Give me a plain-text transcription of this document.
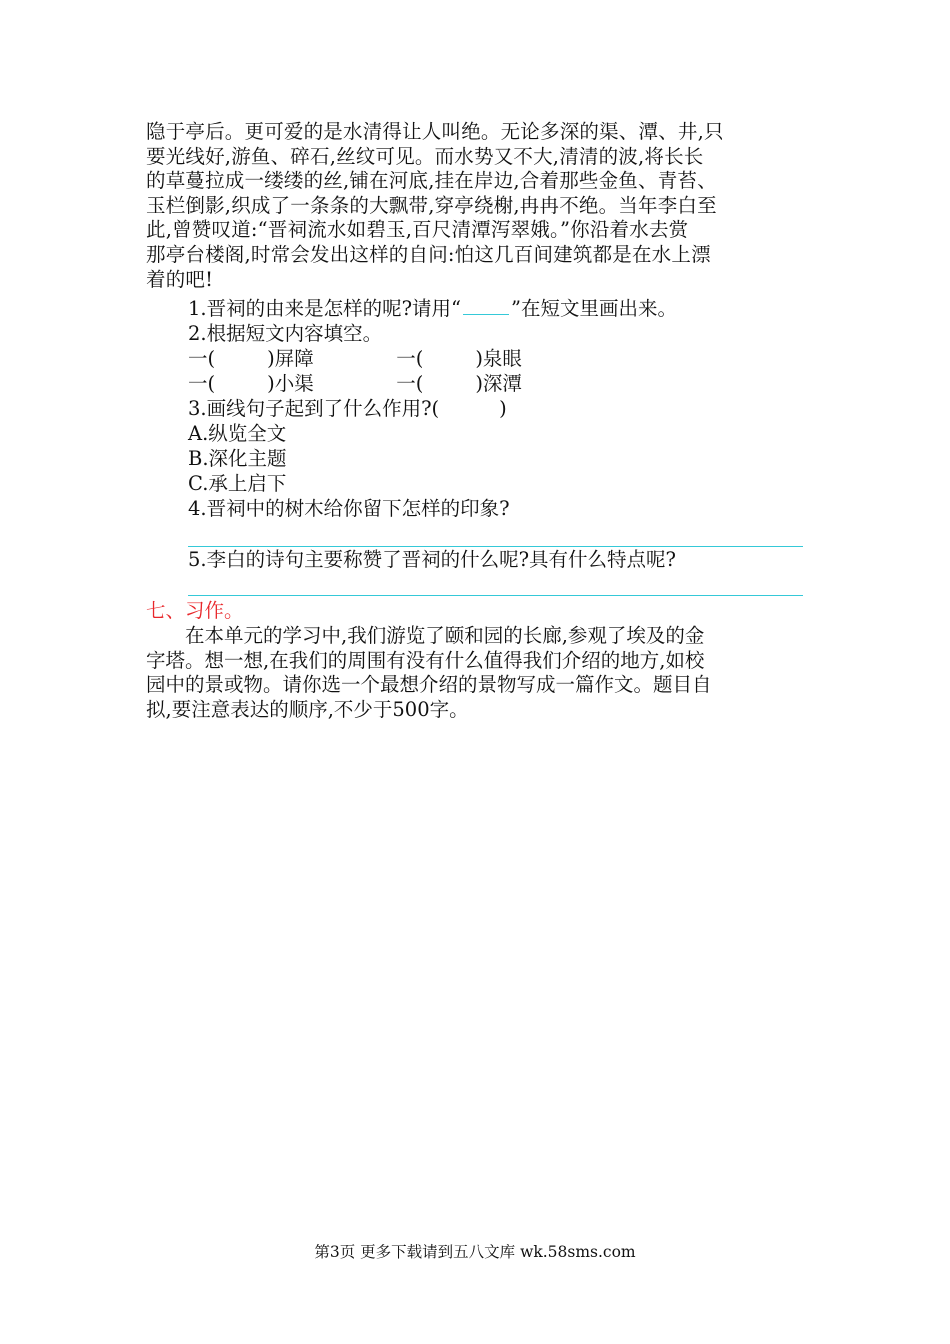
隐于亭后。更可爱的是水清得让人叫绝。无论多深的渠、潭、井,只
要光线好,游鱼、碎石,丝纹可见。而水势又不大,清清的波,将长长
的草蔓拉成一缕缕的丝,铺在河底,挂在岸边,合着那些金鱼、青苔、
玉栏倒影,织成了一条条的大飘带,穿亭绕榭,冉冉不绝。当年李白至
此,曾赞叹道:“晋祠流水如碧玉,百尺清潭泻翠娥。”你沿着水去赏
那亭台楼阁,时常会发出这样的自问:怕这几百间建筑都是在水上漂
着的吧!
1.晋祠的由来是怎样的呢?请用“	”在短文里画出来。
2.根据短文内容填空。
一(	)屏障	一(	)泉眼
一(	)小渠	一(	)深潭
3.画线句子起到了什么作用?(	)
A.纵览全文
B.深化主题
C.承上启下
4.晋祠中的树木给你留下怎样的印象?
5.李白的诗句主要称赞了晋祠的什么呢?具有什么特点呢?
七、习作。
　　在本单元的学习中,我们游览了颐和园的长廊,参观了埃及的金
字塔。想一想,在我们的周围有没有什么值得我们介绍的地方,如校
园中的景或物。请你选一个最想介绍的景物写成一篇作文。题目自
拟,要注意表达的顺序,不少于500字。
第3页 更多下载请到五八文库 wk.58sms.com
